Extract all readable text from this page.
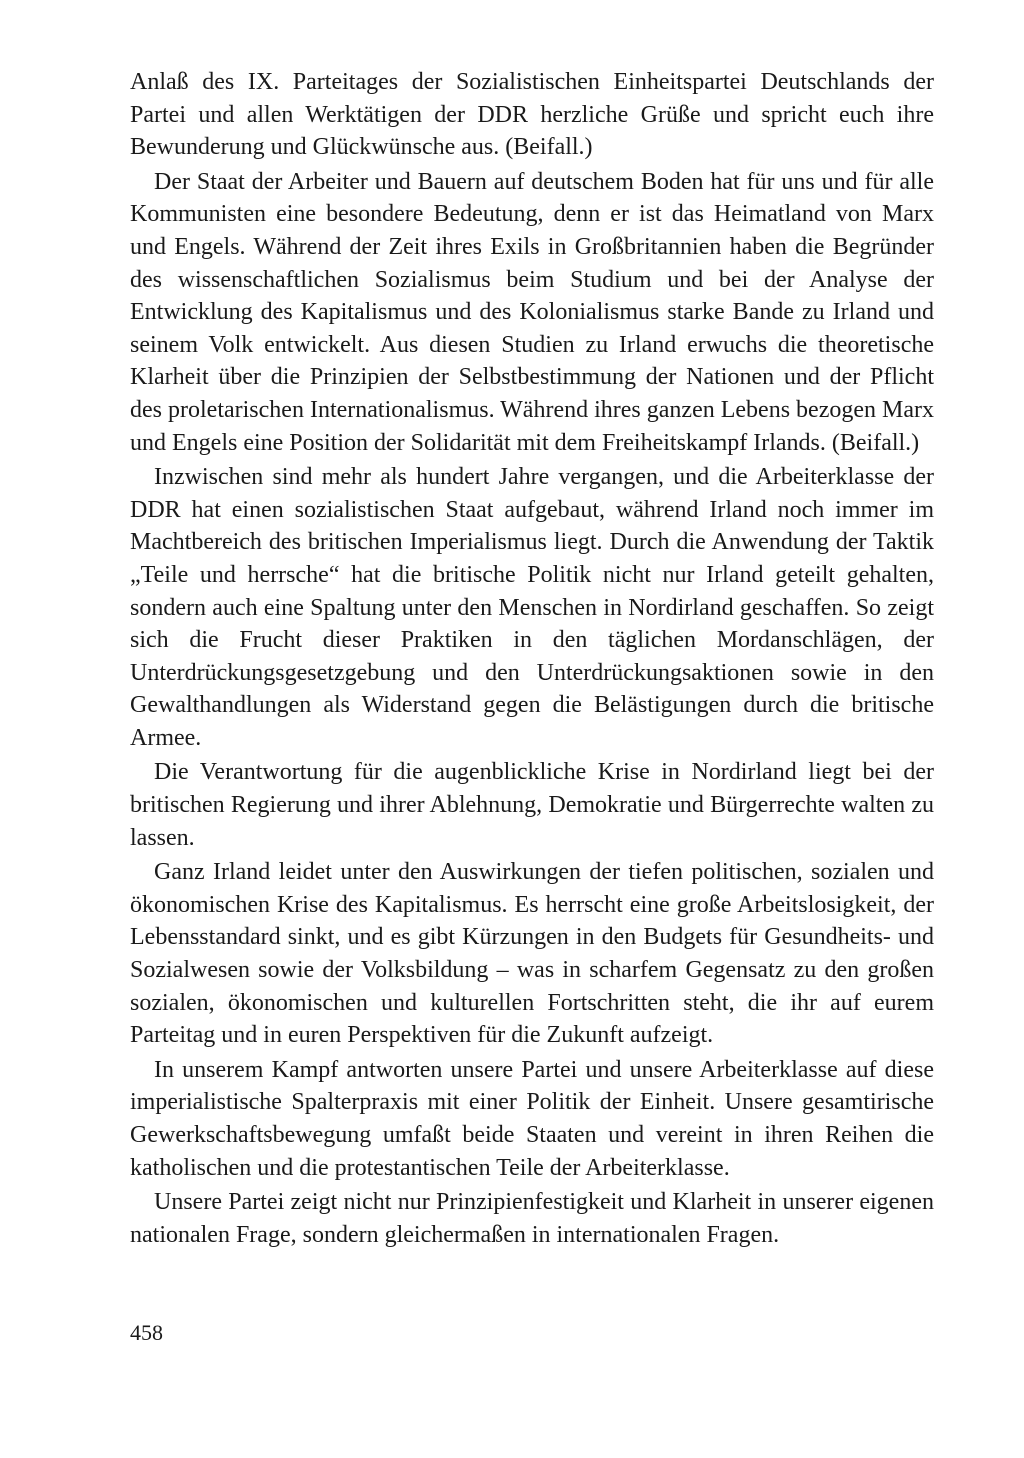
Anlaß des IX. Parteitages der Sozialistischen Einheitspartei Deutschlands der Partei und allen Werktätigen der DDR herzliche Grüße und spricht euch ihre Bewunderung und Glückwünsche aus. (Beifall.)

Der Staat der Arbeiter und Bauern auf deutschem Boden hat für uns und für alle Kommunisten eine besondere Bedeutung, denn er ist das Heimatland von Marx und Engels. Während der Zeit ihres Exils in Großbritannien haben die Begründer des wissenschaftlichen Sozialismus beim Studium und bei der Analyse der Entwicklung des Kapitalismus und des Kolonialismus starke Bande zu Irland und seinem Volk entwickelt. Aus diesen Studien zu Irland erwuchs die theoretische Klarheit über die Prinzipien der Selbstbestimmung der Nationen und der Pflicht des proletarischen Internationalismus. Während ihres ganzen Lebens bezogen Marx und Engels eine Position der Solidarität mit dem Freiheitskampf Irlands. (Beifall.)

Inzwischen sind mehr als hundert Jahre vergangen, und die Arbeiterklasse der DDR hat einen sozialistischen Staat aufgebaut, während Irland noch immer im Machtbereich des britischen Imperialismus liegt. Durch die Anwendung der Taktik „Teile und herrsche“ hat die britische Politik nicht nur Irland geteilt gehalten, sondern auch eine Spaltung unter den Menschen in Nordirland geschaffen. So zeigt sich die Frucht dieser Praktiken in den täglichen Mordanschlägen, der Unterdrückungsgesetzgebung und den Unterdrückungsaktionen sowie in den Gewalthandlungen als Widerstand gegen die Belästigungen durch die britische Armee.

Die Verantwortung für die augenblickliche Krise in Nordirland liegt bei der britischen Regierung und ihrer Ablehnung, Demokratie und Bürgerrechte walten zu lassen.

Ganz Irland leidet unter den Auswirkungen der tiefen politischen, sozialen und ökonomischen Krise des Kapitalismus. Es herrscht eine große Arbeitslosigkeit, der Lebensstandard sinkt, und es gibt Kürzungen in den Budgets für Gesundheits- und Sozialwesen sowie der Volksbildung – was in scharfem Gegensatz zu den großen sozialen, ökonomischen und kulturellen Fortschritten steht, die ihr auf eurem Parteitag und in euren Perspektiven für die Zukunft aufzeigt.

In unserem Kampf antworten unsere Partei und unsere Arbeiterklasse auf diese imperialistische Spalterpraxis mit einer Politik der Einheit. Unsere gesamtirische Gewerkschaftsbewegung umfaßt beide Staaten und vereint in ihren Reihen die katholischen und die protestantischen Teile der Arbeiterklasse.

Unsere Partei zeigt nicht nur Prinzipienfestigkeit und Klarheit in unserer eigenen nationalen Frage, sondern gleichermaßen in internationalen Fragen.

458
